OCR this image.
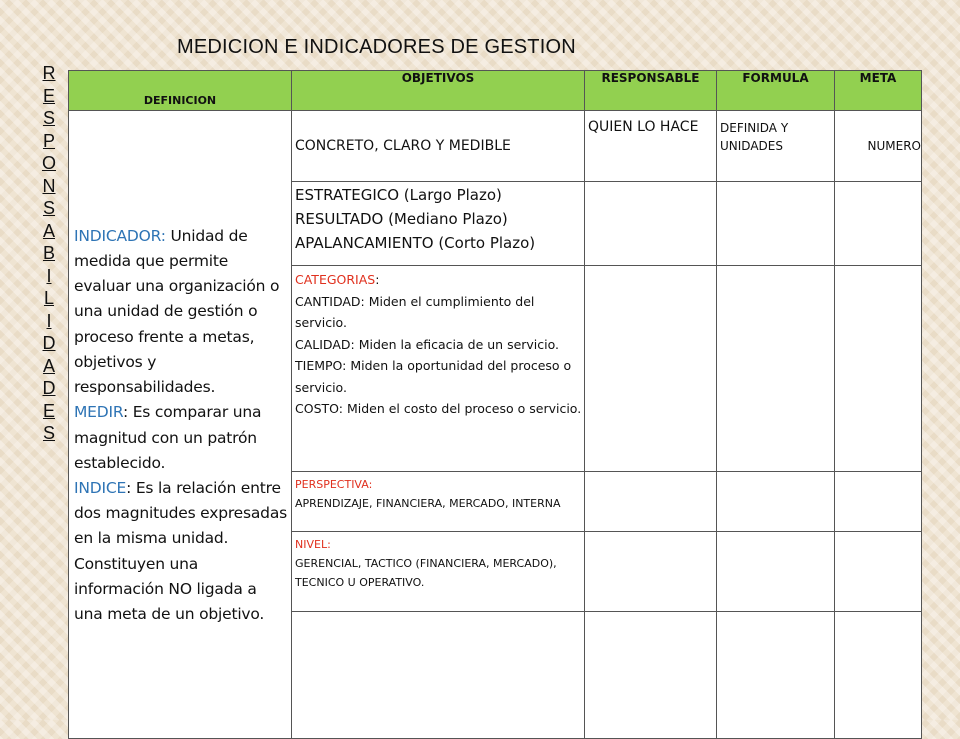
MEDICION E INDICADORES DE GESTION
R
E
S
P
O
N
S
A
B
I
L
I
D
A
D
E
S
DEFINICION	OBJETIVOS	RESPONSABLE	FORMULA	META

INDICADOR: Unidad de medida que permite evaluar una organización o una unidad de gestión o proceso frente a metas, objetivos y responsabilidades.
MEDIR: Es comparar una magnitud con un patrón establecido.
INDICE: Es la relación entre dos magnitudes expresadas en la misma unidad. Constituyen una información NO ligada a una meta de un objetivo.	CONCRETO, CLARO Y MEDIBLE	QUIEN LO HACE	DEFINIDA Y UNIDADES	NUMERO

	ESTRATEGICO (Largo Plazo)
RESULTADO (Mediano Plazo)
APALANCAMIENTO (Corto Plazo)			

	CATEGORIAS:
CANTIDAD: Miden el cumplimiento del servicio.
CALIDAD: Miden la eficacia de un servicio.
TIEMPO: Miden la oportunidad del proceso o servicio.
COSTO: Miden el costo del proceso o servicio.			

	PERSPECTIVA:
APRENDIZAJE, FINANCIERA, MERCADO, INTERNA			

	NIVEL:
GERENCIAL, TACTICO (FINANCIERA, MERCADO), TECNICO U OPERATIVO.			
